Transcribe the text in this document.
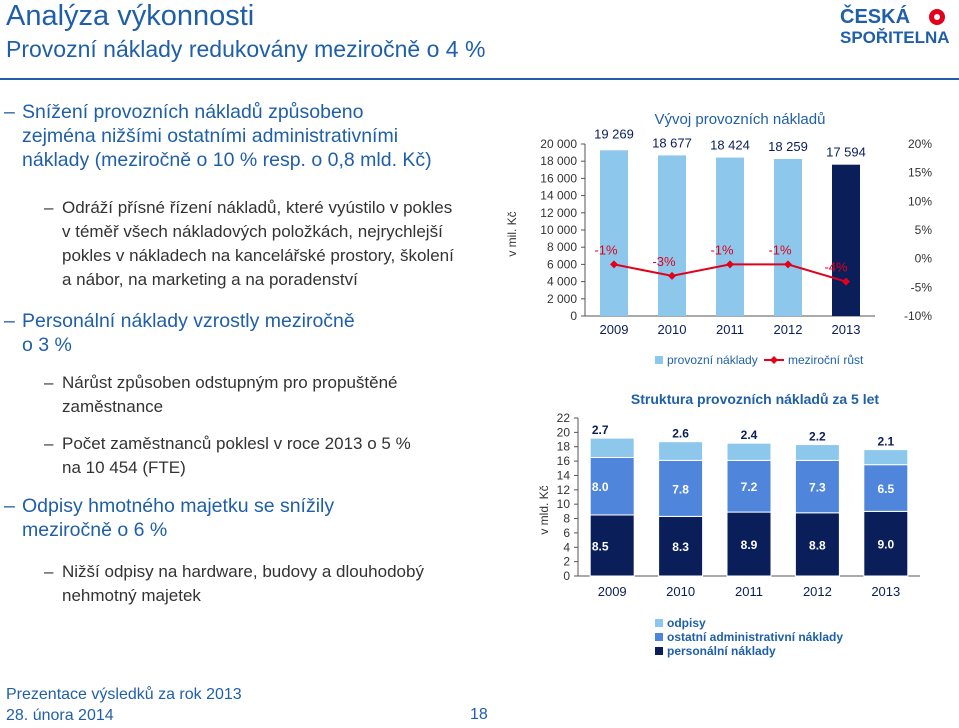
Analýza výkonnosti
Provozní náklady redukovány meziročně o 4 %
ČESKÁ
SPOŘITELNA
– Snížení provozních nákladů způsobeno
zejména nižšími ostatními administrativními
náklady (meziročně o 10 % resp. o 0,8 mld. Kč)
– Odráží přísné řízení nákladů, které vyústilo v pokles
v téměř všech nákladových položkách, nejrychlejší
pokles v nákladech na kancelářské prostory, školení
a nábor, na marketing a na poradenství
– Personální náklady vzrostly meziročně
o 3 %
– Nárůst způsoben odstupným pro propuštěné
zaměstnance
– Počet zaměstnanců poklesl v roce 2013 o 5 %
na 10 454 (FTE)
– Odpisy hmotného majetku se snížily
meziročně o 6 %
– Nižší odpisy na hardware, budovy a dlouhodobý
nehmotný majetek
Vývoj provozních nákladů
v mil. Kč
0
2 000
4 000
6 000
8 000
10 000
12 000
14 000
16 000
18 000
20 000
-10%
-5%
0%
5%
10%
15%
20%
19 269
2009
-1%
18 677
2010
-3%
18 424
2011
-1%
18 259
2012
-1%
17 594
2013
-4%
provozní náklady	meziroční růst
Struktura provozních nákladů za 5 let
v mld. Kč
0
2
4
6
8
10
12
14
16
18
20
22
8.5
8.0
2.7
2009
8.3
7.8
2.6
2010
8.9
7.2
2.4
2011
8.8
7.3
2.2
2012
9.0
6.5
2.1
2013
odpisy
ostatní administrativní náklady
personální náklady
Prezentace výsledků za rok 2013
28. února 2014	18
